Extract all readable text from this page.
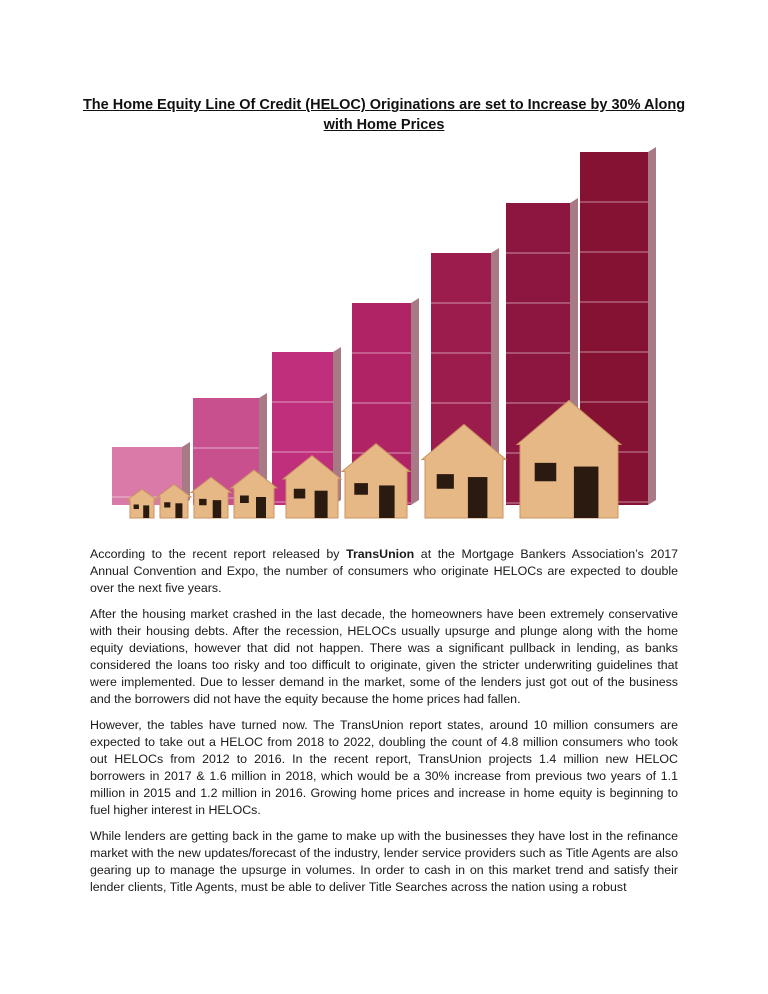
The Home Equity Line Of Credit (HELOC) Originations are set to Increase by 30% Along with Home Prices

According to the recent report released by TransUnion at the Mortgage Bankers Association’s 2017 Annual Convention and Expo, the number of consumers who originate HELOCs are expected to double over the next five years.

After the housing market crashed in the last decade, the homeowners have been extremely conservative with their housing debts. After the recession, HELOCs usually upsurge and plunge along with the home equity deviations, however that did not happen. There was a significant pullback in lending, as banks considered the loans too risky and too difficult to originate, given the stricter underwriting guidelines that were implemented. Due to lesser demand in the market, some of the lenders just got out of the business and the borrowers did not have the equity because the home prices had fallen.

However, the tables have turned now. The TransUnion report states, around 10 million consumers are expected to take out a HELOC from 2018 to 2022, doubling the count of 4.8 million consumers who took out HELOCs from 2012 to 2016. In the recent report, TransUnion projects 1.4 million new HELOC borrowers in 2017 & 1.6 million in 2018, which would be a 30% increase from previous two years of 1.1 million in 2015 and 1.2 million in 2016. Growing home prices and increase in home equity is beginning to fuel higher interest in HELOCs.

While lenders are getting back in the game to make up with the businesses they have lost in the refinance market with the new updates/forecast of the industry, lender service providers such as Title Agents are also gearing up to manage the upsurge in volumes. In order to cash in on this market trend and satisfy their lender clients, Title Agents, must be able to deliver Title Searches across the nation using a robust
